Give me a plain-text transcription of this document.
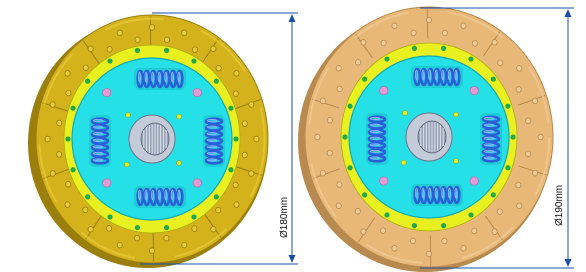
Ø180mm	Ø190mm
